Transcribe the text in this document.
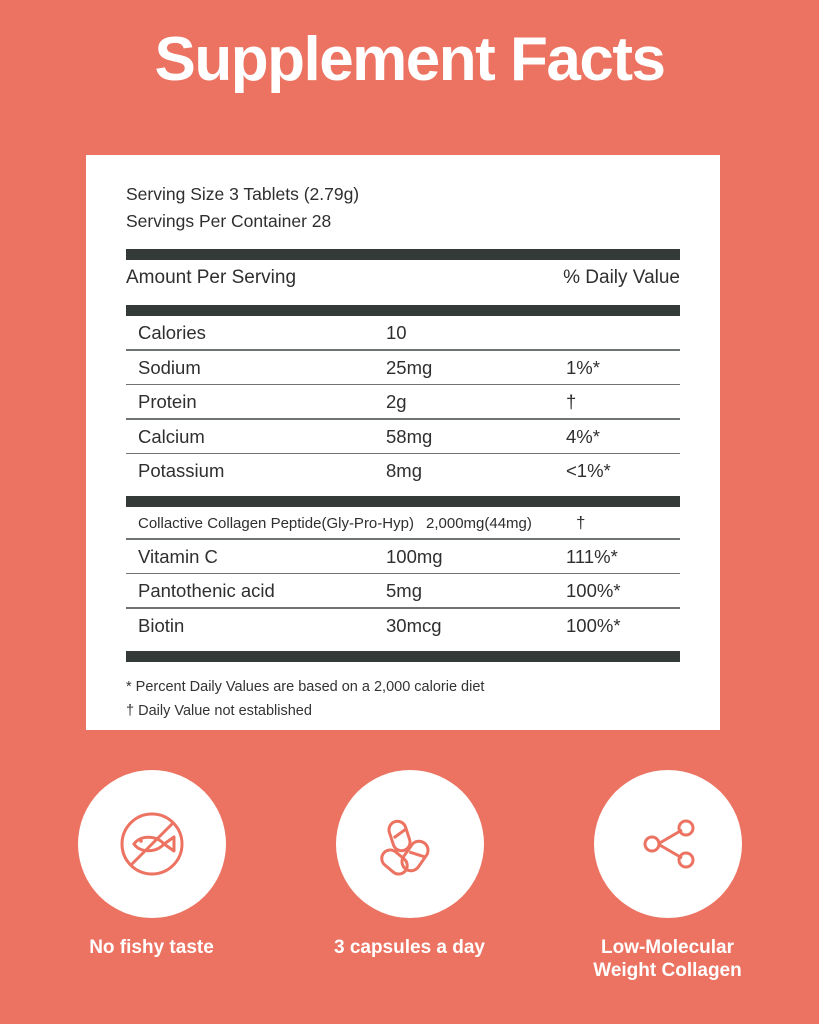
Supplement Facts
Serving Size 3 Tablets (2.79g)
Servings Per Container 28
Amount Per Serving	% Daily Value
Calories	10
Sodium	25mg	1%*
Protein	2g	†
Calcium	58mg	4%*
Potassium	8mg	<1%*
Collactive Collagen Peptide(Gly-Pro-Hyp) 2,000mg(44mg)	†
Vitamin C	100mg	111%*
Pantothenic acid	5mg	100%*
Biotin	30mcg	100%*
* Percent Daily Values are based on a 2,000 calorie diet
† Daily Value not established
No fishy taste	3 capsules a day	Low-Molecular Weight Collagen
